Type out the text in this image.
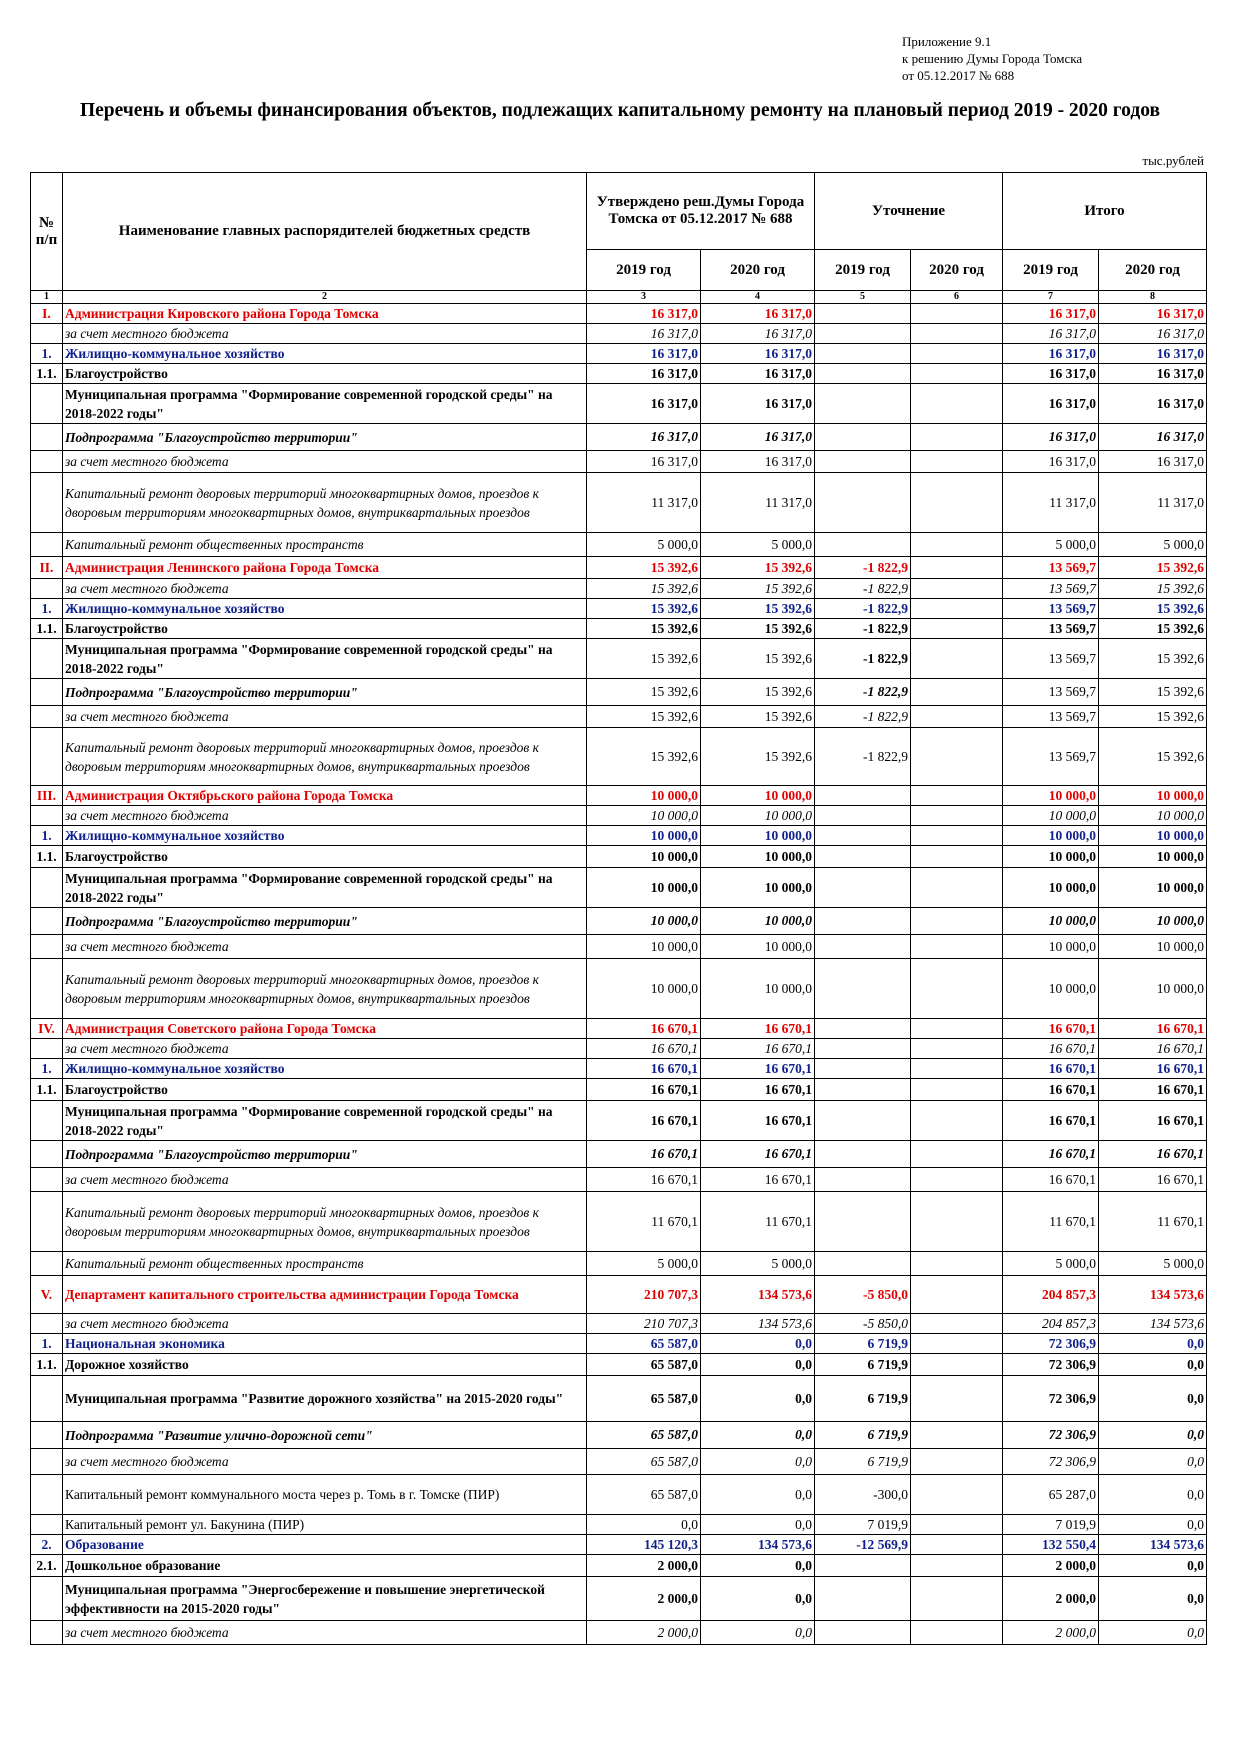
Приложение 9.1
к решению Думы Города Томска
от 05.12.2017 № 688
Перечень и объемы финансирования объектов, подлежащих капитальному ремонту на плановый период 2019 - 2020 годов
тыс.рублей
№ п/п	Наименование главных распорядителей бюджетных средств	Утверждено реш.Думы Города Томска от 05.12.2017 № 688		Уточнение		Итого	
		2019 год	2020 год	2019 год	2020 год	2019 год	2020 год
1	2	3	4	5	6	7	8
I.	Администрация Кировского района Города Томска	16 317,0	16 317,0			16 317,0	16 317,0
	за счет местного бюджета	16 317,0	16 317,0			16 317,0	16 317,0
1.	Жилищно-коммунальное хозяйство	16 317,0	16 317,0			16 317,0	16 317,0
1.1.	Благоустройство	16 317,0	16 317,0			16 317,0	16 317,0
	Муниципальная программа "Формирование современной городской среды" на 2018-2022 годы"	16 317,0	16 317,0			16 317,0	16 317,0
	Подпрограмма "Благоустройство территории"	16 317,0	16 317,0			16 317,0	16 317,0
	за счет местного бюджета	16 317,0	16 317,0			16 317,0	16 317,0
	Капитальный ремонт дворовых территорий многоквартирных домов, проездов к дворовым территориям многоквартирных домов, внутриквартальных проездов	11 317,0	11 317,0			11 317,0	11 317,0
	Капитальный ремонт общественных пространств	5 000,0	5 000,0			5 000,0	5 000,0
II.	Администрация Ленинского района Города Томска	15 392,6	15 392,6	-1 822,9		13 569,7	15 392,6
	за счет местного бюджета	15 392,6	15 392,6	-1 822,9		13 569,7	15 392,6
1.	Жилищно-коммунальное хозяйство	15 392,6	15 392,6	-1 822,9		13 569,7	15 392,6
1.1.	Благоустройство	15 392,6	15 392,6	-1 822,9		13 569,7	15 392,6
	Муниципальная программа "Формирование современной городской среды" на 2018-2022 годы"	15 392,6	15 392,6	-1 822,9		13 569,7	15 392,6
	Подпрограмма "Благоустройство территории"	15 392,6	15 392,6	-1 822,9		13 569,7	15 392,6
	за счет местного бюджета	15 392,6	15 392,6	-1 822,9		13 569,7	15 392,6
	Капитальный ремонт дворовых территорий многоквартирных домов, проездов к дворовым территориям многоквартирных домов, внутриквартальных проездов	15 392,6	15 392,6	-1 822,9		13 569,7	15 392,6
III.	Администрация Октябрьского района Города Томска	10 000,0	10 000,0			10 000,0	10 000,0
	за счет местного бюджета	10 000,0	10 000,0			10 000,0	10 000,0
1.	Жилищно-коммунальное хозяйство	10 000,0	10 000,0			10 000,0	10 000,0
1.1.	Благоустройство	10 000,0	10 000,0			10 000,0	10 000,0
	Муниципальная программа "Формирование современной городской среды" на 2018-2022 годы"	10 000,0	10 000,0			10 000,0	10 000,0
	Подпрограмма "Благоустройство территории"	10 000,0	10 000,0			10 000,0	10 000,0
	за счет местного бюджета	10 000,0	10 000,0			10 000,0	10 000,0
	Капитальный ремонт дворовых территорий многоквартирных домов, проездов к дворовым территориям многоквартирных домов, внутриквартальных проездов	10 000,0	10 000,0			10 000,0	10 000,0
IV.	Администрация Советского района Города Томска	16 670,1	16 670,1			16 670,1	16 670,1
	за счет местного бюджета	16 670,1	16 670,1			16 670,1	16 670,1
1.	Жилищно-коммунальное хозяйство	16 670,1	16 670,1			16 670,1	16 670,1
1.1.	Благоустройство	16 670,1	16 670,1			16 670,1	16 670,1
	Муниципальная программа "Формирование современной городской среды" на 2018-2022 годы"	16 670,1	16 670,1			16 670,1	16 670,1
	Подпрограмма "Благоустройство территории"	16 670,1	16 670,1			16 670,1	16 670,1
	за счет местного бюджета	16 670,1	16 670,1			16 670,1	16 670,1
	Капитальный ремонт дворовых территорий многоквартирных домов, проездов к дворовым территориям многоквартирных домов, внутриквартальных проездов	11 670,1	11 670,1			11 670,1	11 670,1
	Капитальный ремонт общественных пространств	5 000,0	5 000,0			5 000,0	5 000,0
V.	Департамент капитального строительства администрации Города Томска	210 707,3	134 573,6	-5 850,0		204 857,3	134 573,6
	за счет местного бюджета	210 707,3	134 573,6	-5 850,0		204 857,3	134 573,6
1.	Национальная экономика	65 587,0	0,0	6 719,9		72 306,9	0,0
1.1.	Дорожное хозяйство	65 587,0	0,0	6 719,9		72 306,9	0,0
	Муниципальная программа "Развитие дорожного хозяйства" на 2015-2020 годы"	65 587,0	0,0	6 719,9		72 306,9	0,0
	Подпрограмма "Развитие улично-дорожной сети"	65 587,0	0,0	6 719,9		72 306,9	0,0
	за счет местного бюджета	65 587,0	0,0	6 719,9		72 306,9	0,0
	Капитальный ремонт коммунального моста через р. Томь в г. Томске (ПИР)	65 587,0	0,0	-300,0		65 287,0	0,0
	Капитальный ремонт ул. Бакунина (ПИР)	0,0	0,0	7 019,9		7 019,9	0,0
2.	Образование	145 120,3	134 573,6	-12 569,9		132 550,4	134 573,6
2.1.	Дошкольное образование	2 000,0	0,0			2 000,0	0,0
	Муниципальная программа "Энергосбережение и повышение энергетической эффективности на 2015-2020 годы"	2 000,0	0,0			2 000,0	0,0
	за счет местного бюджета	2 000,0	0,0			2 000,0	0,0
